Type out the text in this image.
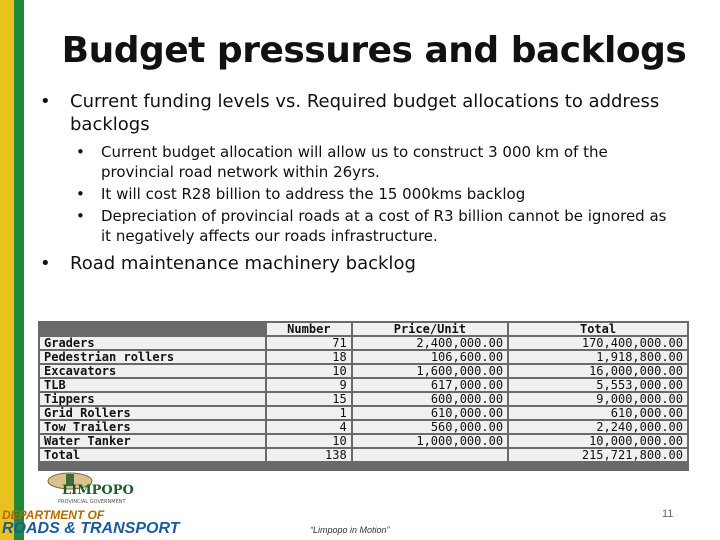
Budget pressures and backlogs
• Current funding levels vs. Required budget allocations to address backlogs
• Current budget allocation will allow us to construct 3 000 km of the provincial road network within 26yrs.
• It will cost R28 billion to address the 15 000kms backlog
• Depreciation of provincial roads at a cost of R3 billion cannot be ignored as it negatively affects our roads infrastructure.
• Road maintenance machinery backlog
	Number	Price/Unit	Total
Graders	71	2,400,000.00	170,400,000.00
Pedestrian rollers	18	106,600.00	1,918,800.00
Excavators	10	1,600,000.00	16,000,000.00
TLB	9	617,000.00	5,553,000.00
Tippers	15	600,000.00	9,000,000.00
Grid Rollers	1	610,000.00	610,000.00
Tow Trailers	4	560,000.00	2,240,000.00
Water Tanker	10	1,000,000.00	10,000,000.00
Total	138		215,721,800.00
LIMPOPO
PROVINCIAL GOVERNMENT
DEPARTMENT OF
ROADS & TRANSPORT	“Limpopo in Motion”
11
